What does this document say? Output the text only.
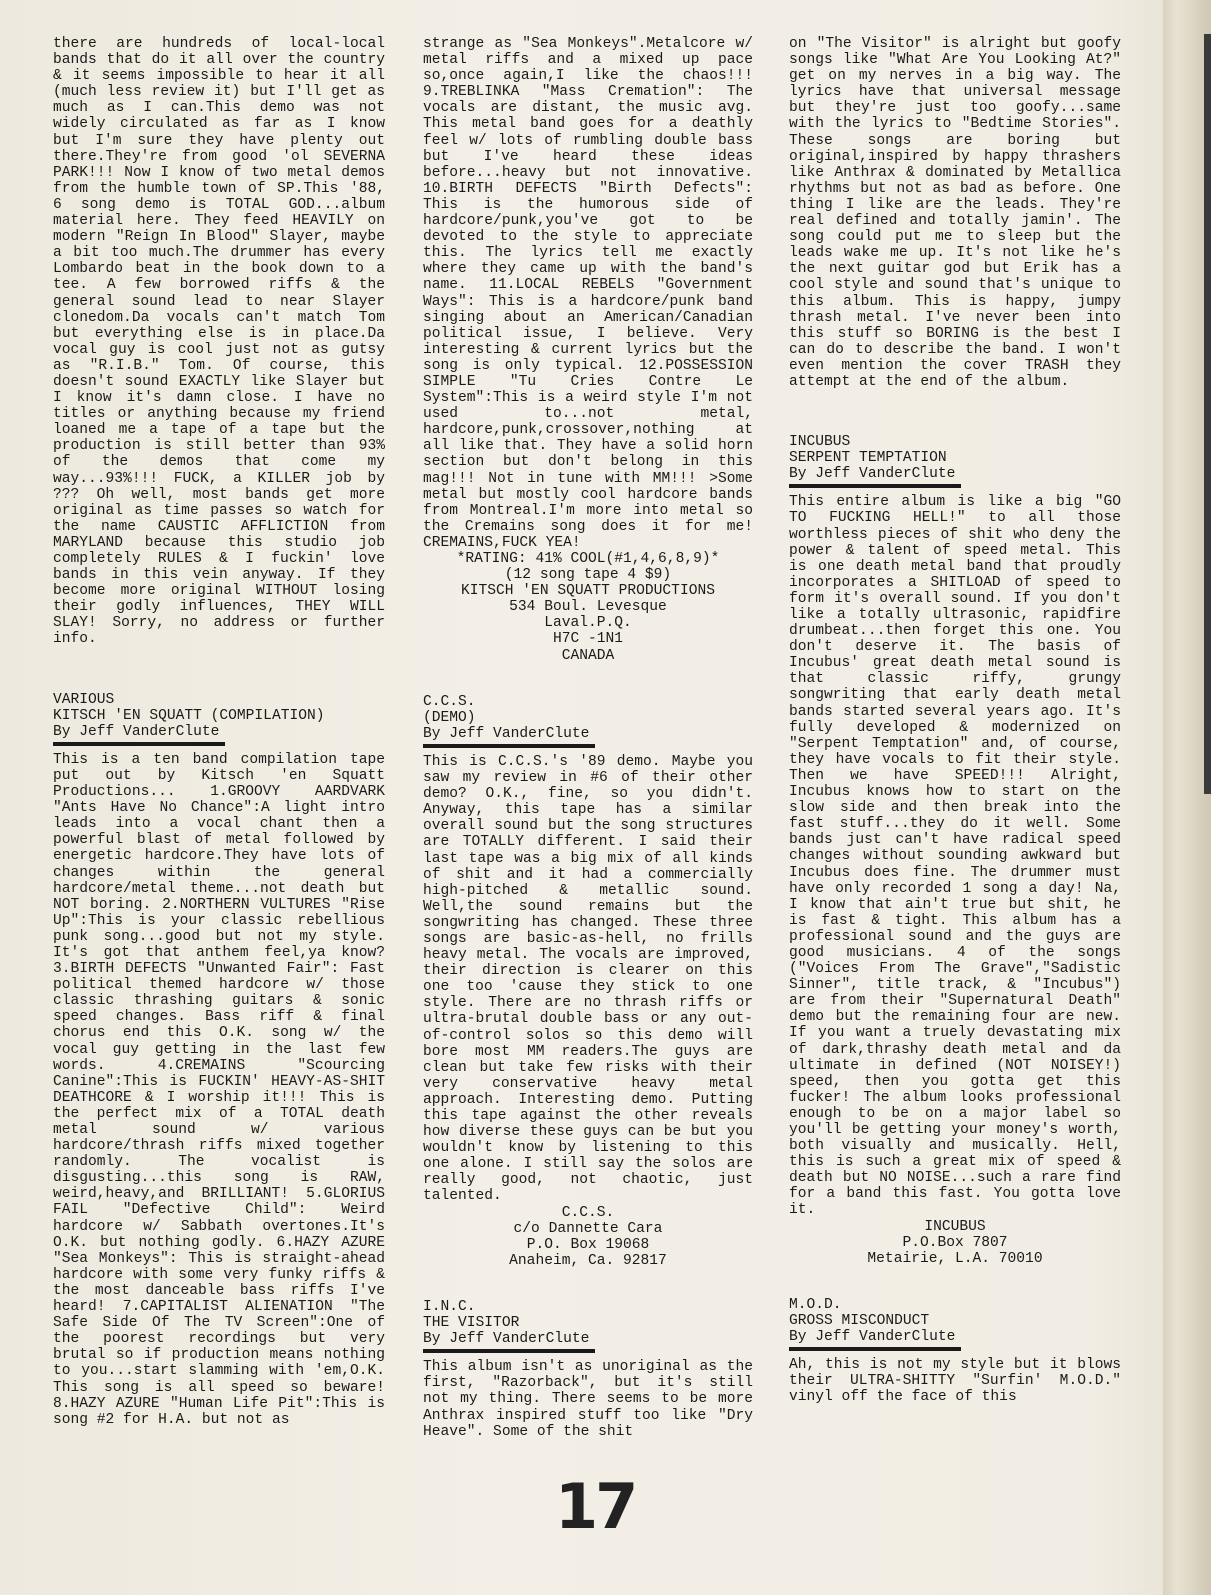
there are hundreds of local-local bands that do it all over the country & it seems impossible to hear it all (much less review it) but I'll get as much as I can.This demo was not widely circulated as far as I know but I'm sure they have plenty out there.They're from good 'ol SEVERNA PARK!!! Now I know of two metal demos from the humble town of SP.This '88, 6 song demo is TOTAL GOD...album material here. They feed HEAVILY on modern "Reign In Blood" Slayer, maybe a bit too much.The drummer has every Lombardo beat in the book down to a tee. A few borrowed riffs & the general sound lead to near Slayer clonedom.Da vocals can't match Tom but everything else is in place.Da vocal guy is cool just not as gutsy as "R.I.B." Tom. Of course, this doesn't sound EXACTLY like Slayer but I know it's damn close. I have no titles or anything because my friend loaned me a tape of a tape but the production is still better than 93% of the demos that come my way...93%!!! FUCK, a KILLER job by ??? Oh well, most bands get more original as time passes so watch for the name CAUSTIC AFFLICTION from MARYLAND because this studio job completely RULES & I fuckin' love bands in this vein anyway. If they become more original WITHOUT losing their godly influences, THEY WILL SLAY! Sorry, no address or further info.

VARIOUS
KITSCH 'EN SQUATT (COMPILATION)
By Jeff VanderClute

This is a ten band compilation tape put out by Kitsch 'en Squatt Productions... 1.GROOVY AARDVARK "Ants Have No Chance":A light intro leads into a vocal chant then a powerful blast of metal followed by energetic hardcore.They have lots of changes within the general hardcore/metal theme...not death but NOT boring. 2.NORTHERN VULTURES "Rise Up":This is your classic rebellious punk song...good but not my style. It's got that anthem feel,ya know? 3.BIRTH DEFECTS "Unwanted Fair": Fast political themed hardcore w/ those classic thrashing guitars & sonic speed changes. Bass riff & final chorus end this O.K. song w/ the vocal guy getting in the last few words. 4.CREMAINS "Scourcing Canine":This is FUCKIN' HEAVY-AS-SHIT DEATHCORE & I worship it!!! This is the perfect mix of a TOTAL death metal sound w/ various hardcore/thrash riffs mixed together randomly. The vocalist is disgusting...this song is RAW, weird,heavy,and BRILLIANT! 5.GLORIUS FAIL "Defective Child": Weird hardcore w/ Sabbath overtones.It's O.K. but nothing godly. 6.HAZY AZURE "Sea Monkeys": This is straight-ahead hardcore with some very funky riffs & the most danceable bass riffs I've heard! 7.CAPITALIST ALIENATION "The Safe Side Of The TV Screen":One of the poorest recordings but very brutal so if production means nothing to you...start slamming with 'em,O.K. This song is all speed so beware! 8.HAZY AZURE "Human Life Pit":This is song #2 for H.A. but not as

strange as "Sea Monkeys".Metalcore w/ metal riffs and a mixed up pace so,once again,I like the chaos!!! 9.TREBLINKA "Mass Cremation": The vocals are distant, the music avg. This metal band goes for a deathly feel w/ lots of rumbling double bass but I've heard these ideas before...heavy but not innovative. 10.BIRTH DEFECTS "Birth Defects": This is the humorous side of hardcore/punk,you've got to be devoted to the style to appreciate this. The lyrics tell me exactly where they came up with the band's name. 11.LOCAL REBELS "Government Ways": This is a hardcore/punk band singing about an American/Canadian political issue, I believe. Very interesting & current lyrics but the song is only typical. 12.POSSESSION SIMPLE "Tu Cries Contre Le System":This is a weird style I'm not used to...not metal, hardcore,punk,crossover,nothing at all like that. They have a solid horn section but don't belong in this mag!!! Not in tune with MM!!! >Some metal but mostly cool hardcore bands from Montreal.I'm more into metal so the Cremains song does it for me! CREMAINS,FUCK YEA!

*RATING: 41% COOL(#1,4,6,8,9)*
(12 song tape 4 $9)
KITSCH 'EN SQUATT PRODUCTIONS
534 Boul. Levesque
Laval.P.Q.
H7C -1N1
CANADA
C.C.S.
(DEMO)
By Jeff VanderClute

This is C.C.S.'s '89 demo. Maybe you saw my review in #6 of their other demo? O.K., fine, so you didn't. Anyway, this tape has a similar overall sound but the song structures are TOTALLY different. I said their last tape was a big mix of all kinds of shit and it had a commercially high-pitched & metallic sound. Well,the sound remains but the songwriting has changed. These three songs are basic-as-hell, no frills heavy metal. The vocals are improved, their direction is clearer on this one too 'cause they stick to one style. There are no thrash riffs or ultra-brutal double bass or any out-of-control solos so this demo will bore most MM readers.The guys are clean but take few risks with their very conservative heavy metal approach. Interesting demo. Putting this tape against the other reveals how diverse these guys can be but you wouldn't know by listening to this one alone. I still say the solos are really good, not chaotic, just talented.

C.C.S.
c/o Dannette Cara
P.O. Box 19068
Anaheim, Ca. 92817
I.N.C.
THE VISITOR
By Jeff VanderClute

This album isn't as unoriginal as the first, "Razorback", but it's still not my thing. There seems to be more Anthrax inspired stuff too like "Dry Heave". Some of the shit

on "The Visitor" is alright but goofy songs like "What Are You Looking At?" get on my nerves in a big way. The lyrics have that universal message but they're just too goofy...same with the lyrics to "Bedtime Stories". These songs are boring but original,inspired by happy thrashers like Anthrax & dominated by Metallica rhythms but not as bad as before. One thing I like are the leads. They're real defined and totally jamin'. The song could put me to sleep but the leads wake me up. It's not like he's the next guitar god but Erik has a cool style and sound that's unique to this album. This is happy, jumpy thrash metal. I've never been into this stuff so BORING is the best I can do to describe the band. I won't even mention the cover TRASH they attempt at the end of the album.

INCUBUS
SERPENT TEMPTATION
By Jeff VanderClute

This entire album is like a big "GO TO FUCKING HELL!" to all those worthless pieces of shit who deny the power & talent of speed metal. This is one death metal band that proudly incorporates a SHITLOAD of speed to form it's overall sound. If you don't like a totally ultrasonic, rapidfire drumbeat...then forget this one. You don't deserve it. The basis of Incubus' great death metal sound is that classic riffy, grungy songwriting that early death metal bands started several years ago. It's fully developed & modernized on "Serpent Temptation" and, of course, they have vocals to fit their style. Then we have SPEED!!! Alright, Incubus knows how to start on the slow side and then break into the fast stuff...they do it well. Some bands just can't have radical speed changes without sounding awkward but Incubus does fine. The drummer must have only recorded 1 song a day! Na, I know that ain't true but shit, he is fast & tight. This album has a professional sound and the guys are good musicians. 4 of the songs ("Voices From The Grave","Sadistic Sinner", title track, & "Incubus") are from their "Supernatural Death" demo but the remaining four are new. If you want a truely devastating mix of dark,thrashy death metal and da ultimate in defined (NOT NOISEY!) speed, then you gotta get this fucker! The album looks professional enough to be on a major label so you'll be getting your money's worth, both visually and musically. Hell, this is such a great mix of speed & death but NO NOISE...such a rare find for a band this fast. You gotta love it.

INCUBUS
P.O.Box 7807
Metairie, L.A. 70010
M.O.D.
GROSS MISCONDUCT
By Jeff VanderClute

Ah, this is not my style but it blows their ULTRA-SHITTY "Surfin' M.O.D." vinyl off the face of this

17
